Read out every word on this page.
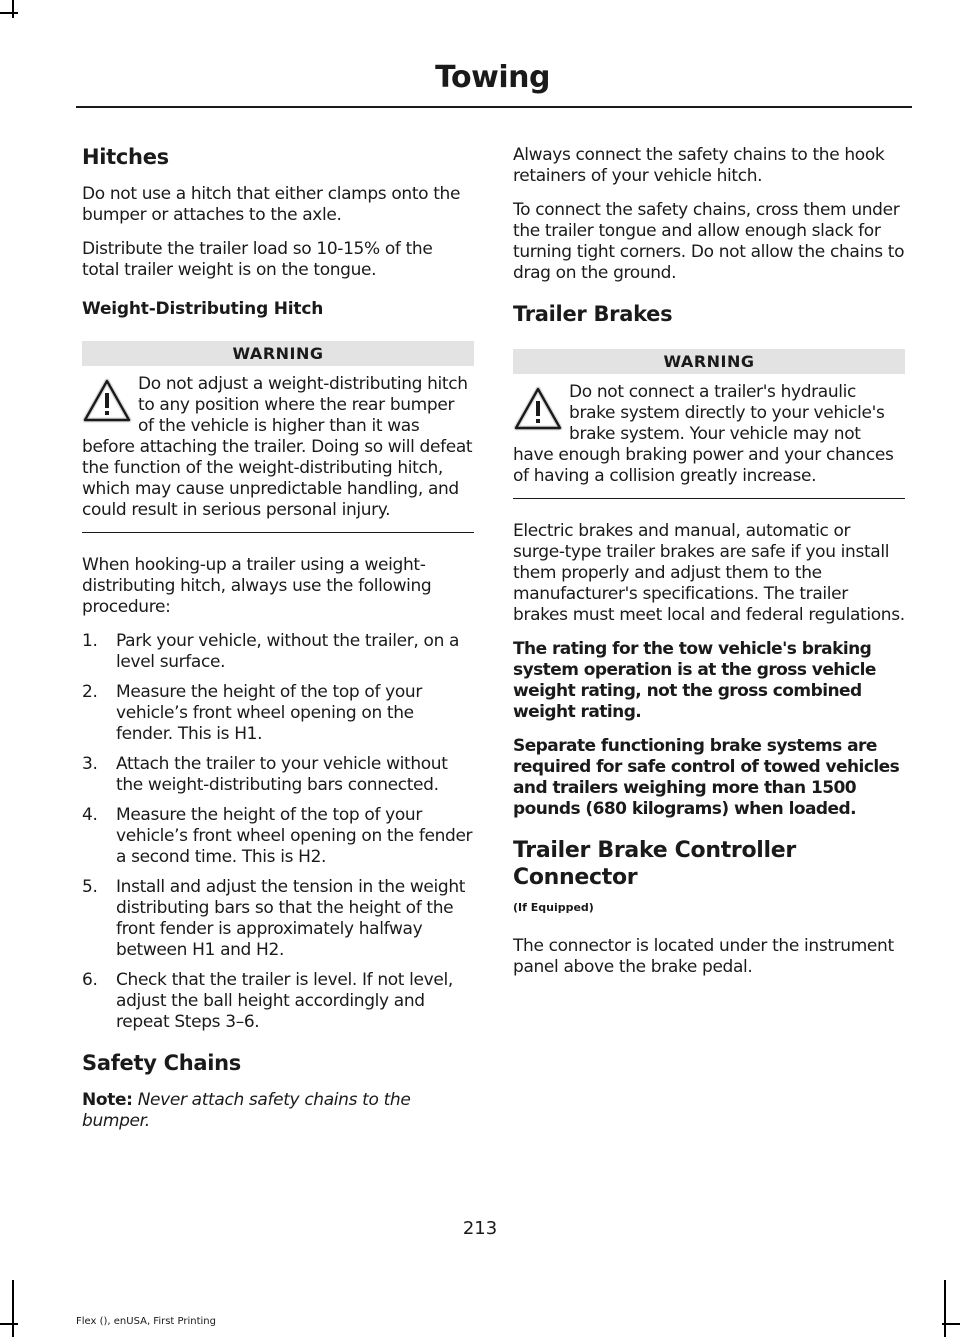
Towing
Hitches

Do not use a hitch that either clamps onto the bumper or attaches to the axle.

Distribute the trailer load so 10-15% of the total trailer weight is on the tongue.

Weight-Distributing Hitch
WARNING
Do not adjust a weight-distributing hitch to any position where the rear bumper of the vehicle is higher than it was before attaching the trailer. Doing so will defeat the function of the weight-distributing hitch, which may cause unpredictable handling, and could result in serious personal injury.

When hooking-up a trailer using a weight-distributing hitch, always use the following procedure:

1. Park your vehicle, without the trailer, on a level surface.
2. Measure the height of the top of your vehicle’s front wheel opening on the fender. This is H1.
3. Attach the trailer to your vehicle without the weight-distributing bars connected.
4. Measure the height of the top of your vehicle’s front wheel opening on the fender a second time. This is H2.
5. Install and adjust the tension in the weight distributing bars so that the height of the front fender is approximately halfway between H1 and H2.
6. Check that the trailer is level. If not level, adjust the ball height accordingly and repeat Steps 3–6.
Safety Chains

Note: Never attach safety chains to the bumper.

Always connect the safety chains to the hook retainers of your vehicle hitch.

To connect the safety chains, cross them under the trailer tongue and allow enough slack for turning tight corners. Do not allow the chains to drag on the ground.

Trailer Brakes
WARNING
Do not connect a trailer's hydraulic brake system directly to your vehicle's brake system. Your vehicle may not have enough braking power and your chances of having a collision greatly increase.

Electric brakes and manual, automatic or surge-type trailer brakes are safe if you install them properly and adjust them to the manufacturer's specifications. The trailer brakes must meet local and federal regulations.

The rating for the tow vehicle's braking system operation is at the gross vehicle weight rating, not the gross combined weight rating.

Separate functioning brake systems are required for safe control of towed vehicles and trailers weighing more than 1500 pounds (680 kilograms) when loaded.

Trailer Brake Controller Connector
(If Equipped)

The connector is located under the instrument panel above the brake pedal.

213
Flex (), enUSA, First Printing
